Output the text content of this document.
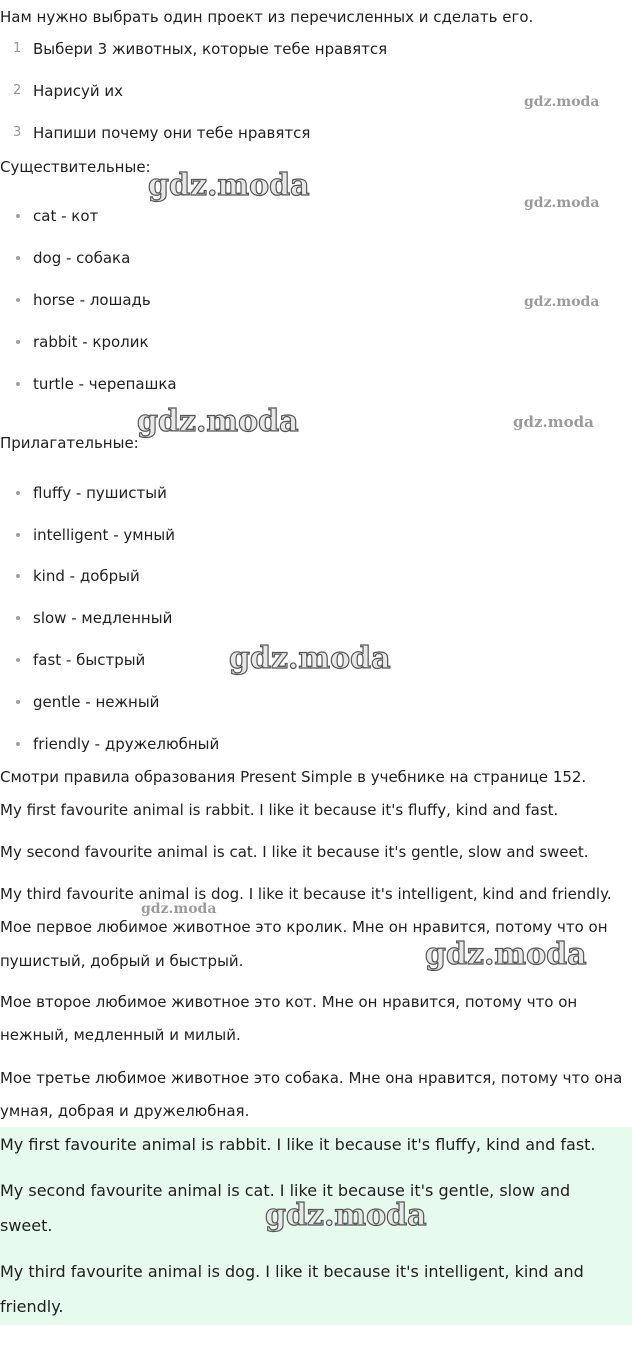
Нам нужно выбрать один проект из перечисленных и сделать его.
1 Выбери 3 животных, которые тебе нравятся
2 Нарисуй их
3 Напиши почему они тебе нравятся
Существительные:
cat - кот
dog - собака
horse - лошадь
rabbit - кролик
turtle - черепашка
Прилагательные:
fluffy - пушистый
intelligent - умный
kind - добрый
slow - медленный
fast - быстрый
gentle - нежный
friendly - дружелюбный
Смотри правила образования Present Simple в учебнике на странице 152.
My first favourite animal is rabbit. I like it because it's fluffy, kind and fast.
My second favourite animal is cat. I like it because it's gentle, slow and sweet.
My third favourite animal is dog. I like it because it's intelligent, kind and friendly.
Мое первое любимое животное это кролик. Мне он нравится, потому что он
пушистый, добрый и быстрый.
Мое второе любимое животное это кот. Мне он нравится, потому что он
нежный, медленный и милый.
Мое третье любимое животное это собака. Мне она нравится, потому что она
умная, добрая и дружелюбная.
My first favourite animal is rabbit. I like it because it's fluffy, kind and fast.
My second favourite animal is cat. I like it because it's gentle, slow and
sweet.
My third favourite animal is dog. I like it because it's intelligent, kind and
friendly.
gdz.moda
gdz.moda	gdz.moda
gdz.moda
gdz.moda	gdz.moda
gdz.moda
gdz.moda
gdz.moda
gdz.moda
